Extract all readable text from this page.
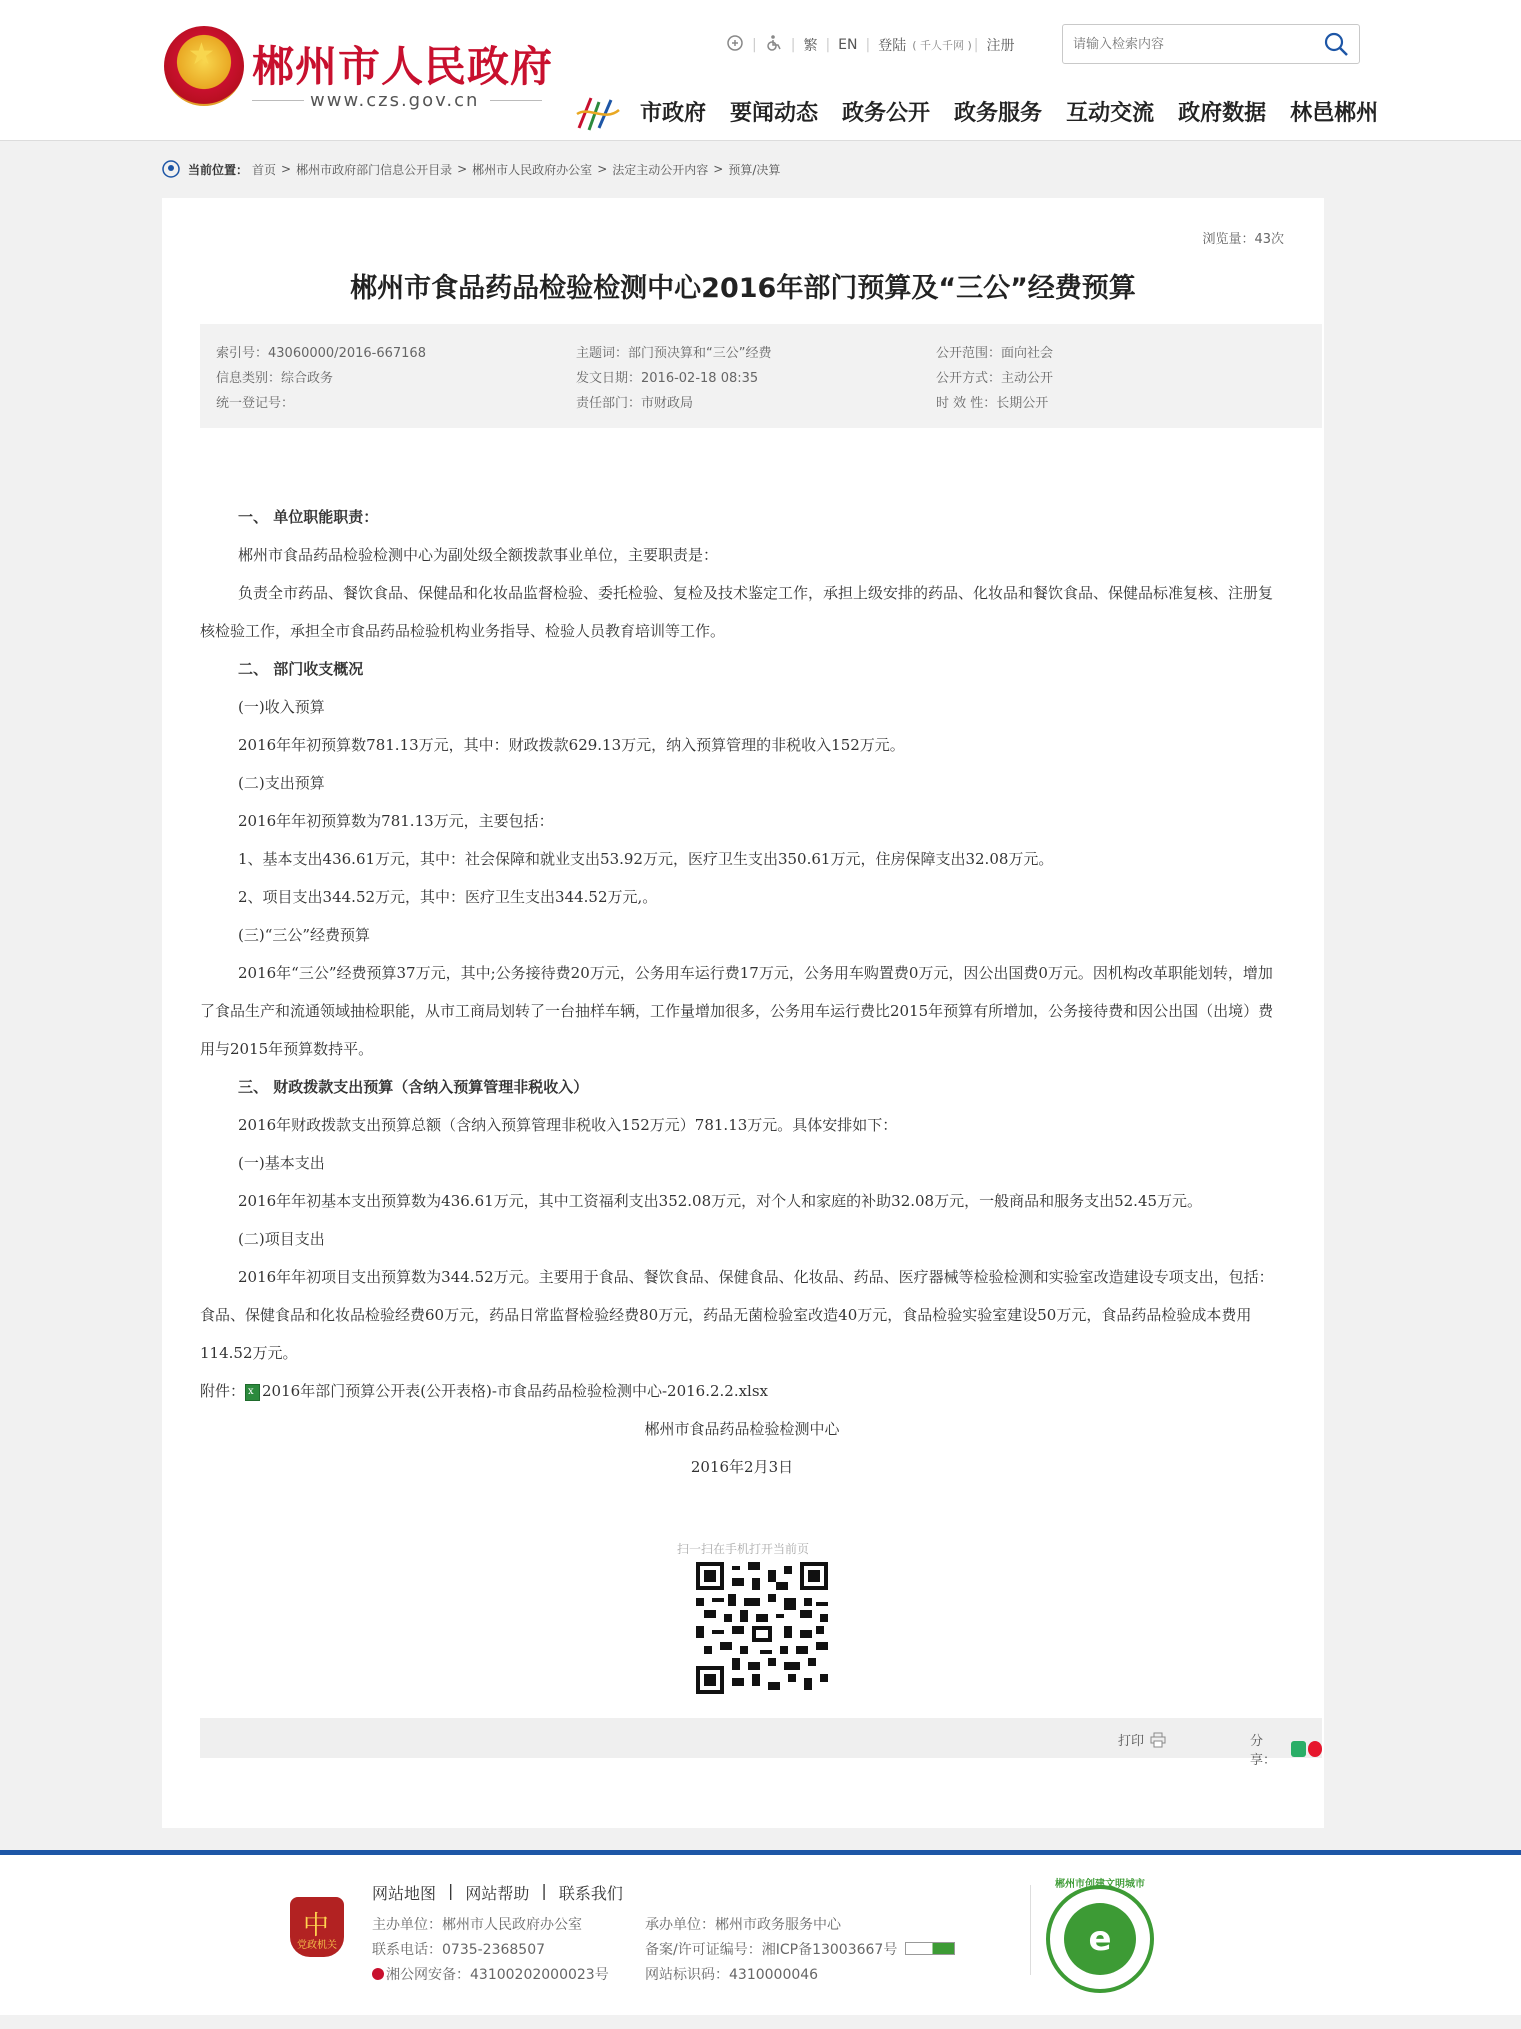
★ 郴州市人民政府
www.czs.gov.cn
| | 繁 | EN | 登陆 ( 千人千网 ) | 注册
请输入检索内容
市政府 要闻动态 政务公开 政务服务 互动交流 政府数据 林邑郴州
当前位置： 首页 > 郴州市政府部门信息公开目录 > 郴州市人民政府办公室 > 法定主动公开内容 > 预算/决算
浏览量：43次
郴州市食品药品检验检测中心2016年部门预算及“三公”经费预算
索引号：43060000/2016-667168	主题词：部门预决算和“三公”经费	公开范围：面向社会
信息类别：综合政务	发文日期：2016-02-18 08:35	公开方式：主动公开
统一登记号：	责任部门：市财政局	时 效 性：长期公开

一、 单位职能职责：

郴州市食品药品检验检测中心为副处级全额拨款事业单位，主要职责是：

负责全市药品、餐饮食品、保健品和化妆品监督检验、委托检验、复检及技术鉴定工作，承担上级安排的药品、化妆品和餐饮食品、保健品标准复核、注册复核检验工作，承担全市食品药品检验机构业务指导、检验人员教育培训等工作。

二、 部门收支概况

(一)收入预算

2016年年初预算数781.13万元，其中：财政拨款629.13万元，纳入预算管理的非税收入152万元。

(二)支出预算

2016年年初预算数为781.13万元，主要包括：

1、基本支出436.61万元，其中：社会保障和就业支出53.92万元，医疗卫生支出350.61万元，住房保障支出32.08万元。

2、项目支出344.52万元，其中：医疗卫生支出344.52万元,。

(三)“三公”经费预算

2016年“三公”经费预算37万元，其中;公务接待费20万元，公务用车运行费17万元，公务用车购置费0万元，因公出国费0万元。因机构改革职能划转，增加了食品生产和流通领域抽检职能，从市工商局划转了一台抽样车辆，工作量增加很多，公务用车运行费比2015年预算有所增加，公务接待费和因公出国（出境）费用与2015年预算数持平。

三、 财政拨款支出预算（含纳入预算管理非税收入）

2016年财政拨款支出预算总额（含纳入预算管理非税收入152万元）781.13万元。具体安排如下：

(一)基本支出

2016年年初基本支出预算数为436.61万元，其中工资福利支出352.08万元，对个人和家庭的补助32.08万元，一般商品和服务支出52.45万元。

(二)项目支出

2016年年初项目支出预算数为344.52万元。主要用于食品、餐饮食品、保健食品、化妆品、药品、医疗器械等检验检测和实验室改造建设专项支出，包括：食品、保健食品和化妆品检验经费60万元，药品日常监督检验经费80万元，药品无菌检验室改造40万元，食品检验实验室建设50万元，食品药品检验成本费用114.52万元。

附件：x 2016年部门预算公开表(公开表格)-市食品药品检验检测中心-2016.2.2.xlsx

郴州市食品药品检验检测中心

2016年2月3日

扫一扫在手机打开当前页
打印	分享：
中
党政机关
网站地图 | 网站帮助 | 联系我们
主办单位：郴州市人民政府办公室
联系电话：0735-2368507
湘公网安备：43100202000023号
承办单位：郴州市政务服务中心
备案/许可证编号：湘ICP备13003667号
网站标识码：4310000046
e
郴州市创建文明城市
